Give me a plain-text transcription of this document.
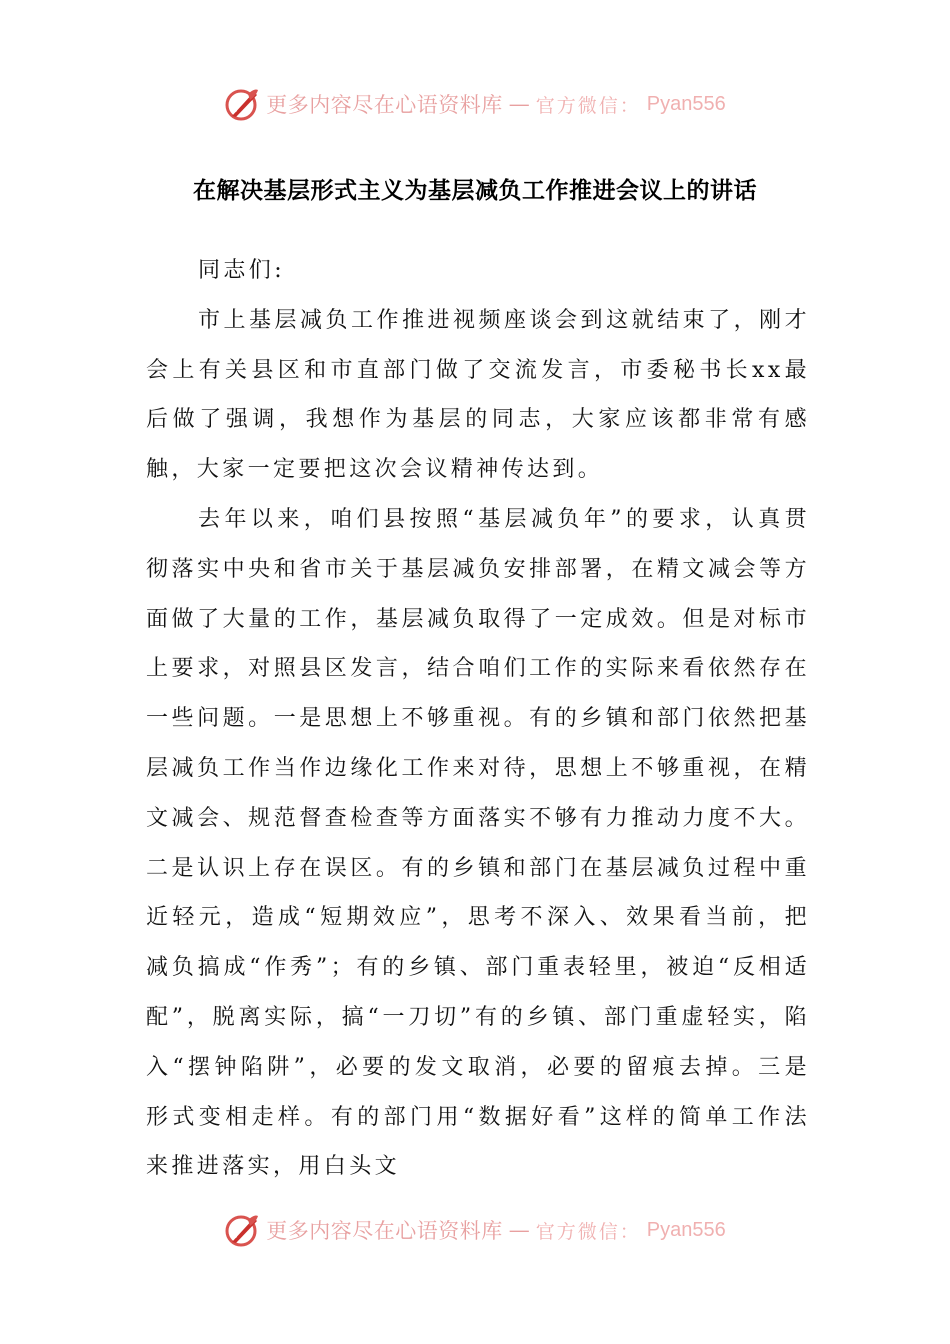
更多内容尽在心语资料库 — 官方微信： Pyan556
在解决基层形式主义为基层减负工作推进会议上的讲话

同志们:

市上基层减负工作推进视频座谈会到这就结束了，刚才会上有关县区和市直部门做了交流发言，市委秘书长xx最后做了强调，我想作为基层的同志，大家应该都非常有感触，大家一定要把这次会议精神传达到。

去年以来，咱们县按照“基层减负年”的要求，认真贯彻落实中央和省市关于基层减负安排部署，在精文减会等方面做了大量的工作，基层减负取得了一定成效。但是对标市上要求，对照县区发言，结合咱们工作的实际来看依然存在一些问题。一是思想上不够重视。有的乡镇和部门依然把基层减负工作当作边缘化工作来对待，思想上不够重视，在精文减会、规范督查检查等方面落实不够有力推动力度不大。二是认识上存在误区。有的乡镇和部门在基层减负过程中重近轻元，造成“短期效应”，思考不深入、效果看当前，把减负搞成“作秀”；有的乡镇、部门重表轻里，被迫“反相适配”，脱离实际，搞“一刀切”有的乡镇、部门重虚轻实，陷入“摆钟陷阱”，必要的发文取消，必要的留痕去掉。三是形式变相走样。有的部门用“数据好看”这样的简单工作法来推进落实，用白头文

更多内容尽在心语资料库 — 官方微信： Pyan556
